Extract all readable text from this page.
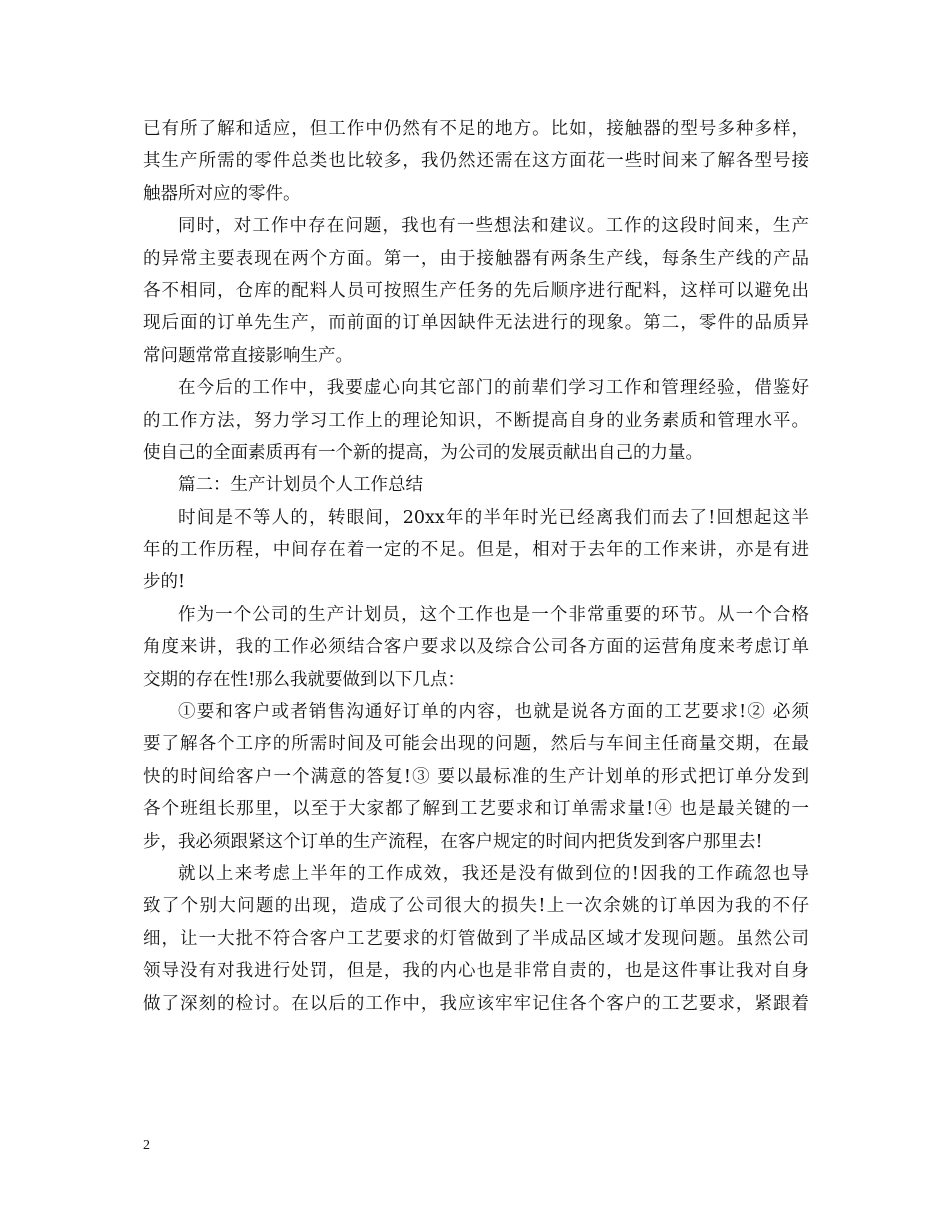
已有所了解和适应，但工作中仍然有不足的地方。比如，接触器的型号多种多样，
其生产所需的零件总类也比较多，我仍然还需在这方面花一些时间来了解各型号接
触器所对应的零件。
同时，对工作中存在问题，我也有一些想法和建议。工作的这段时间来，生产
的异常主要表现在两个方面。第一，由于接触器有两条生产线，每条生产线的产品
各不相同，仓库的配料人员可按照生产任务的先后顺序进行配料，这样可以避免出
现后面的订单先生产，而前面的订单因缺件无法进行的现象。第二，零件的品质异
常问题常常直接影响生产。
在今后的工作中，我要虚心向其它部门的前辈们学习工作和管理经验，借鉴好
的工作方法，努力学习工作上的理论知识，不断提高自身的业务素质和管理水平。
使自己的全面素质再有一个新的提高，为公司的发展贡献出自己的力量。
篇二：生产计划员个人工作总结
时间是不等人的，转眼间，20xx年的半年时光已经离我们而去了!回想起这半
年的工作历程，中间存在着一定的不足。但是，相对于去年的工作来讲，亦是有进
步的!
作为一个公司的生产计划员，这个工作也是一个非常重要的环节。从一个合格
角度来讲，我的工作必须结合客户要求以及综合公司各方面的运营角度来考虑订单
交期的存在性!那么我就要做到以下几点：
①要和客户或者销售沟通好订单的内容，也就是说各方面的工艺要求!② 必须
要了解各个工序的所需时间及可能会出现的问题，然后与车间主任商量交期，在最
快的时间给客户一个满意的答复!③ 要以最标准的生产计划单的形式把订单分发到
各个班组长那里，以至于大家都了解到工艺要求和订单需求量!④ 也是最关键的一
步，我必须跟紧这个订单的生产流程，在客户规定的时间内把货发到客户那里去!
就以上来考虑上半年的工作成效，我还是没有做到位的!因我的工作疏忽也导
致了个别大问题的出现，造成了公司很大的损失!上一次余姚的订单因为我的不仔
细，让一大批不符合客户工艺要求的灯管做到了半成品区域才发现问题。虽然公司
领导没有对我进行处罚，但是，我的内心也是非常自责的，也是这件事让我对自身
做了深刻的检讨。在以后的工作中，我应该牢牢记住各个客户的工艺要求，紧跟着
2
